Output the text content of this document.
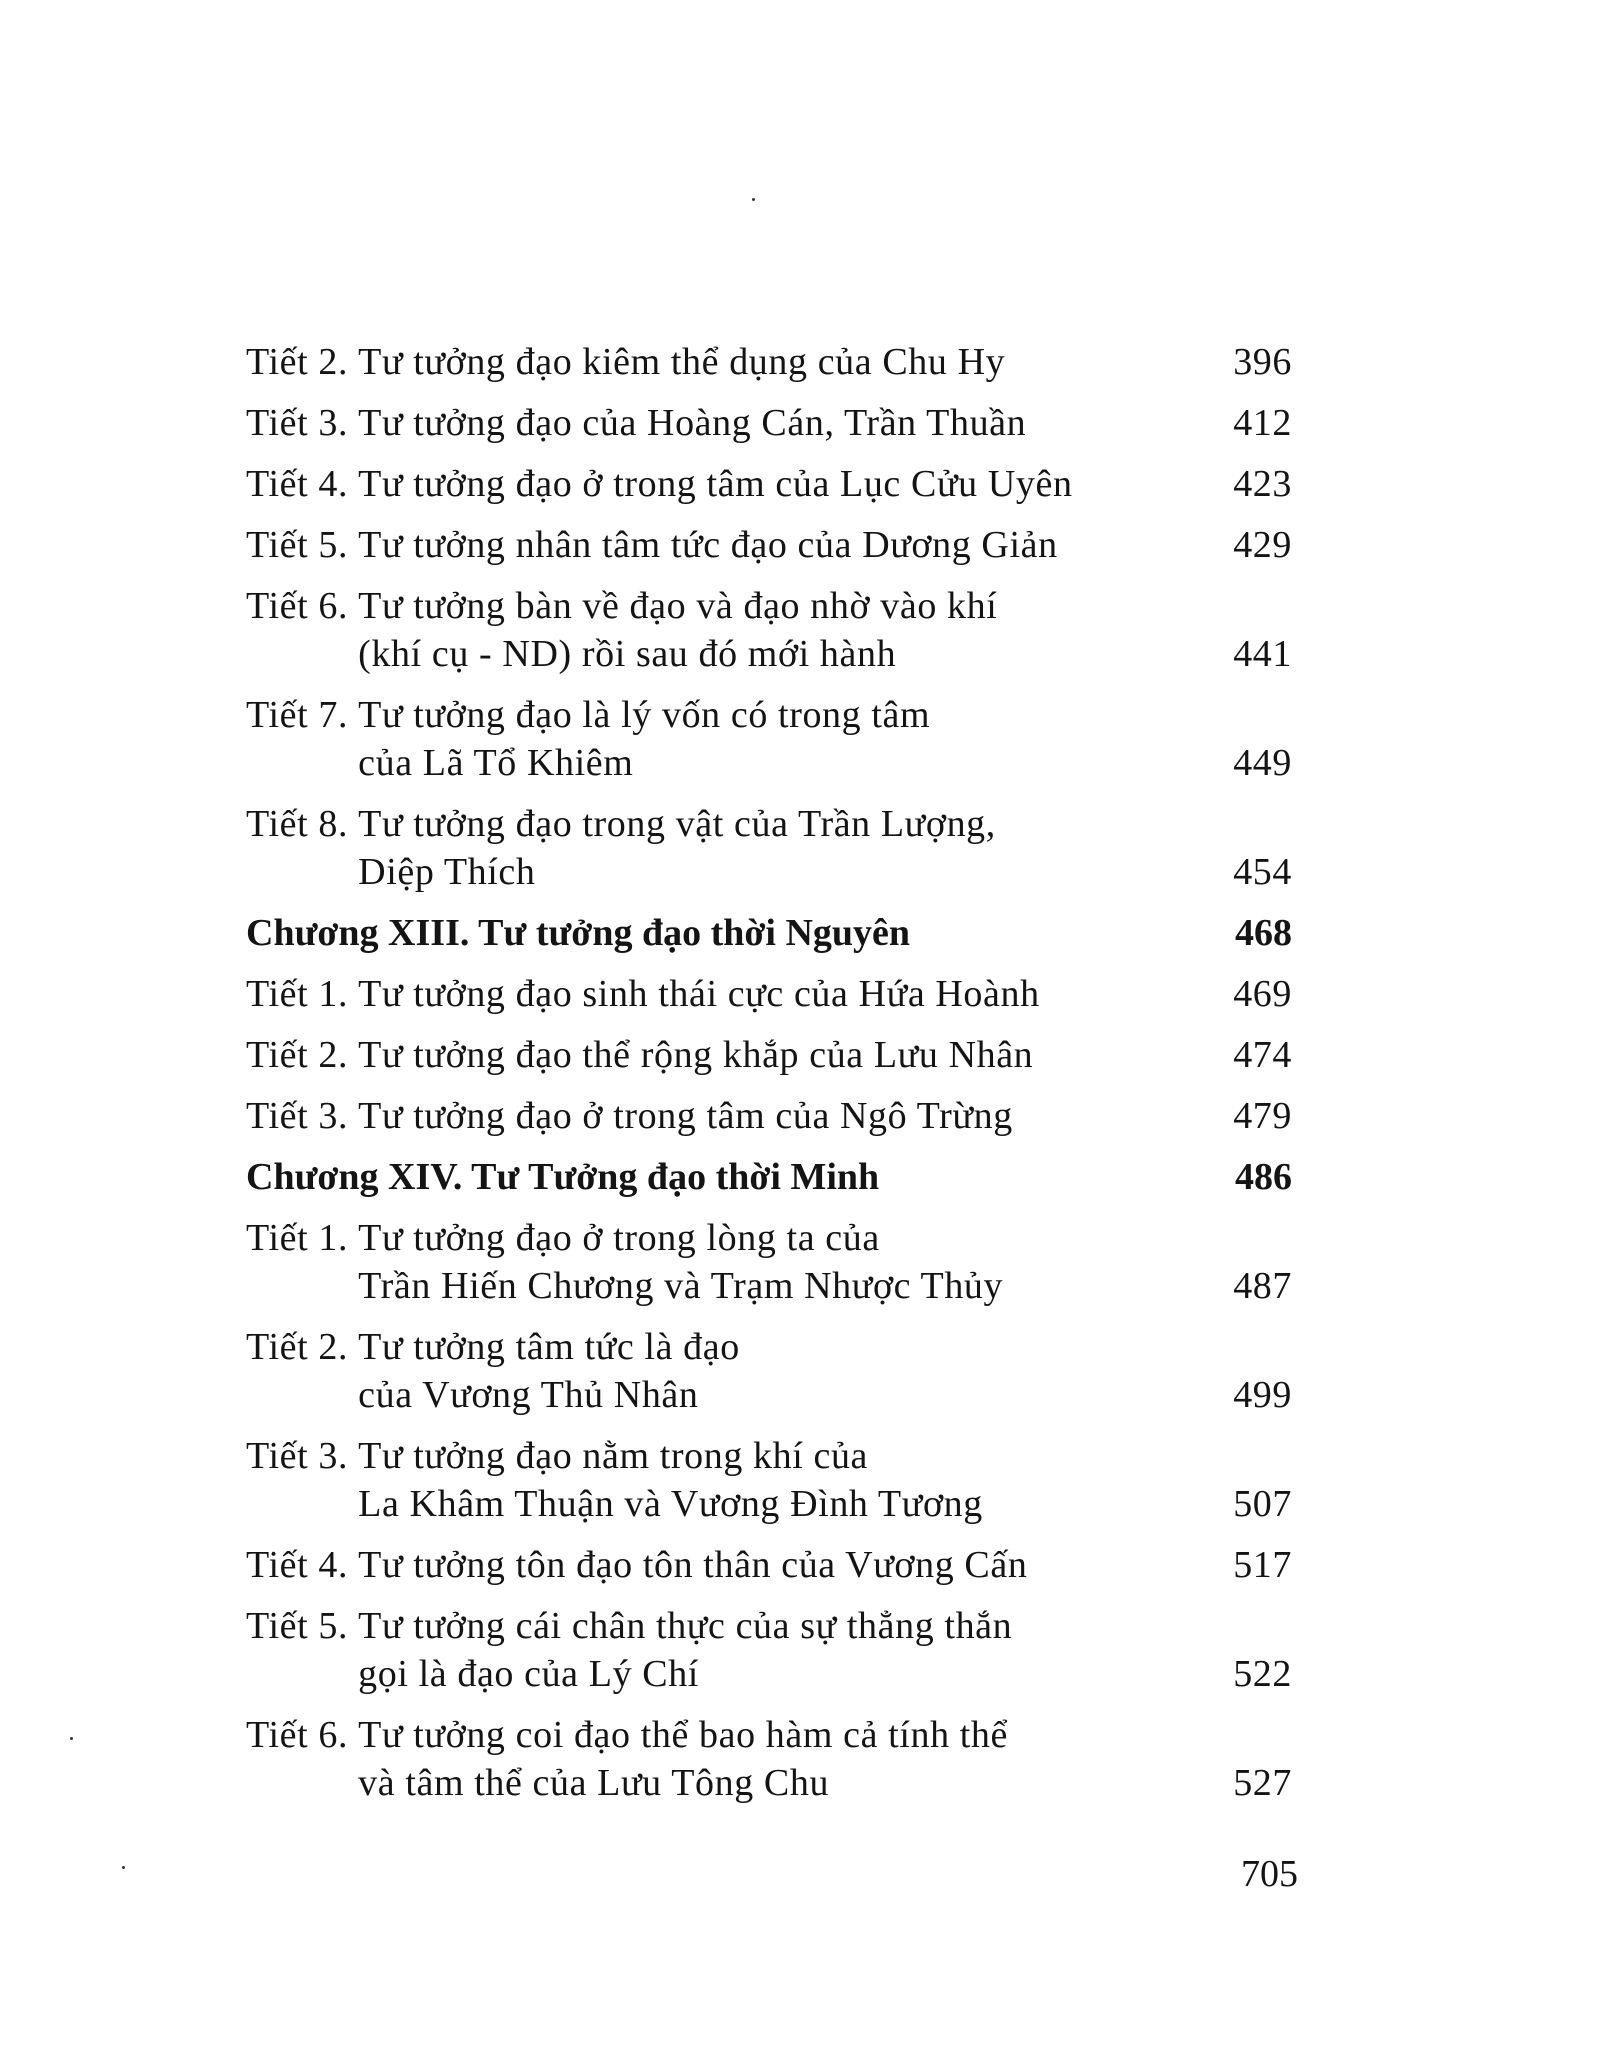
Tiết 2. Tư tưởng đạo kiêm thể dụng của Chu Hy	396
Tiết 3. Tư tưởng đạo của Hoàng Cán, Trần Thuần	412
Tiết 4. Tư tưởng đạo ở trong tâm của Lục Cửu Uyên	423
Tiết 5. Tư tưởng nhân tâm tức đạo của Dương Giản	429
Tiết 6. Tư tưởng bàn về đạo và đạo nhờ vào khí
(khí cụ - ND) rồi sau đó mới hành	441
Tiết 7. Tư tưởng đạo là lý vốn có trong tâm
của Lã Tổ Khiêm	449
Tiết 8. Tư tưởng đạo trong vật của Trần Lượng,
Diệp Thích	454
Chương XIII. Tư tưởng đạo thời Nguyên	468
Tiết 1. Tư tưởng đạo sinh thái cực của Hứa Hoành	469
Tiết 2. Tư tưởng đạo thể rộng khắp của Lưu Nhân	474
Tiết 3. Tư tưởng đạo ở trong tâm của Ngô Trừng	479
Chương XIV. Tư Tưởng đạo thời Minh	486
Tiết 1. Tư tưởng đạo ở trong lòng ta của
Trần Hiến Chương và Trạm Nhược Thủy	487
Tiết 2. Tư tưởng tâm tức là đạo
của Vương Thủ Nhân	499
Tiết 3. Tư tưởng đạo nằm trong khí của
La Khâm Thuận và Vương Đình Tương	507
Tiết 4. Tư tưởng tôn đạo tôn thân của Vương Cấn	517
Tiết 5. Tư tưởng cái chân thực của sự thẳng thắn
gọi là đạo của Lý Chí	522
Tiết 6. Tư tưởng coi đạo thể bao hàm cả tính thể
và tâm thể của Lưu Tông Chu	527
705
